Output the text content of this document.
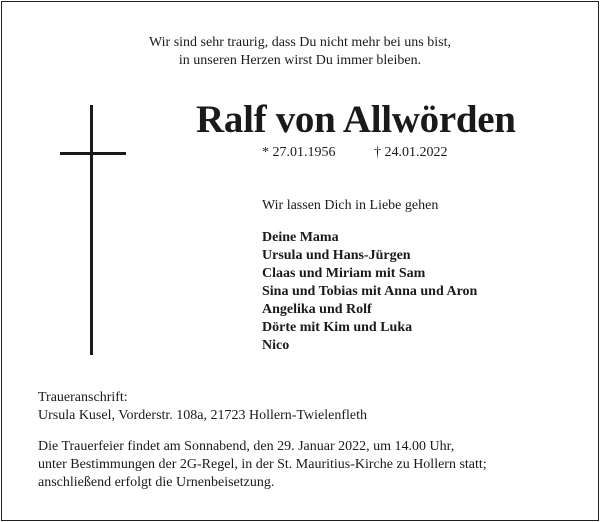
Wir sind sehr traurig, dass Du nicht mehr bei uns bist,
in unseren Herzen wirst Du immer bleiben.
Ralf von Allwörden
* 27.01.1956	† 24.01.2022
Wir lassen Dich in Liebe gehen
Deine Mama
Ursula und Hans-Jürgen
Claas und Miriam mit Sam
Sina und Tobias mit Anna und Aron
Angelika und Rolf
Dörte mit Kim und Luka
Nico
Traueranschrift:
Ursula Kusel, Vorderstr. 108a, 21723 Hollern-Twielenfleth
Die Trauerfeier findet am Sonnabend, den 29. Januar 2022, um 14.00 Uhr,
unter Bestimmungen der 2G-Regel, in der St. Mauritius-Kirche zu Hollern statt;
anschließend erfolgt die Urnenbeisetzung.
